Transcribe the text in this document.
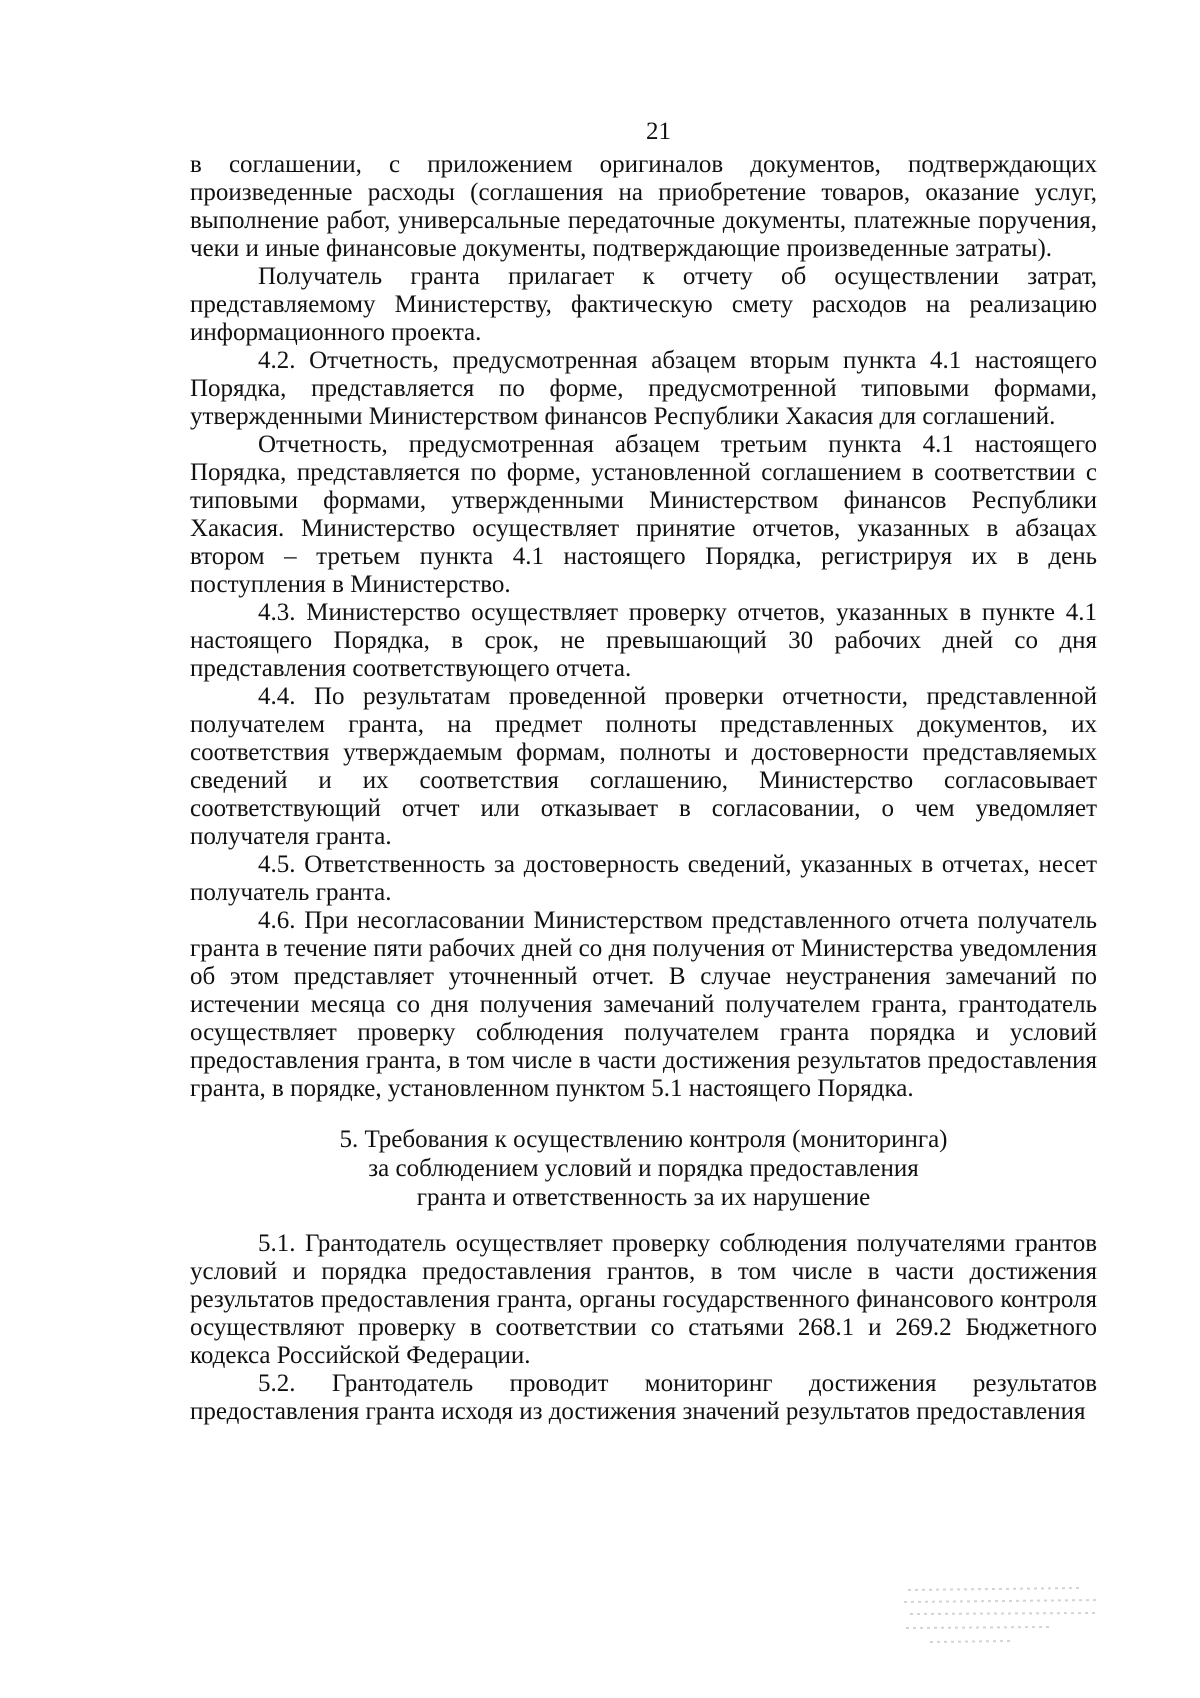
21

в соглашении, с приложением оригиналов документов, подтверждающих произведенные расходы (соглашения на приобретение товаров, оказание услуг, выполнение работ, универсальные передаточные документы, платежные поручения, чеки и иные финансовые документы, подтверждающие произведенные затраты).

Получатель гранта прилагает к отчету об осуществлении затрат, представляемому Министерству, фактическую смету расходов на реализацию информационного проекта.

4.2. Отчетность, предусмотренная абзацем вторым пункта 4.1 настоящего Порядка, представляется по форме, предусмотренной типовыми формами, утвержденными Министерством финансов Республики Хакасия для соглашений.

Отчетность, предусмотренная абзацем третьим пункта 4.1 настоящего Порядка, представляется по форме, установленной соглашением в соответствии с типовыми формами, утвержденными Министерством финансов Республики Хакасия. Министерство осуществляет принятие отчетов, указанных в абзацах втором – третьем пункта 4.1 настоящего Порядка, регистрируя их в день поступления в Министерство.

4.3. Министерство осуществляет проверку отчетов, указанных в пункте 4.1 настоящего Порядка, в срок, не превышающий 30 рабочих дней со дня представления соответствующего отчета.

4.4. По результатам проведенной проверки отчетности, представленной получателем гранта, на предмет полноты представленных документов, их соответствия утверждаемым формам, полноты и достоверности представляемых сведений и их соответствия соглашению, Министерство согласовывает соответствующий отчет или отказывает в согласовании, о чем уведомляет получателя гранта.

4.5. Ответственность за достоверность сведений, указанных в отчетах, несет получатель гранта.

4.6. При несогласовании Министерством представленного отчета получатель гранта в течение пяти рабочих дней со дня получения от Министерства уведомления об этом представляет уточненный отчет. В случае неустранения замечаний по истечении месяца со дня получения замечаний получателем гранта, грантодатель осуществляет проверку соблюдения получателем гранта порядка и условий предоставления гранта, в том числе в части достижения результатов предоставления гранта, в порядке, установленном пунктом 5.1 настоящего Порядка.

5. Требования к осуществлению контроля (мониторинга)
за соблюдением условий и порядка предоставления
гранта и ответственность за их нарушение

5.1. Грантодатель осуществляет проверку соблюдения получателями грантов условий и порядка предоставления грантов, в том числе в части достижения результатов предоставления гранта, органы государственного финансового контроля осуществляют проверку в соответствии со статьями 268.1 и 269.2 Бюджетного кодекса Российской Федерации.

5.2. Грантодатель проводит мониторинг достижения результатов предоставления гранта исходя из достижения значений результатов предоставления
